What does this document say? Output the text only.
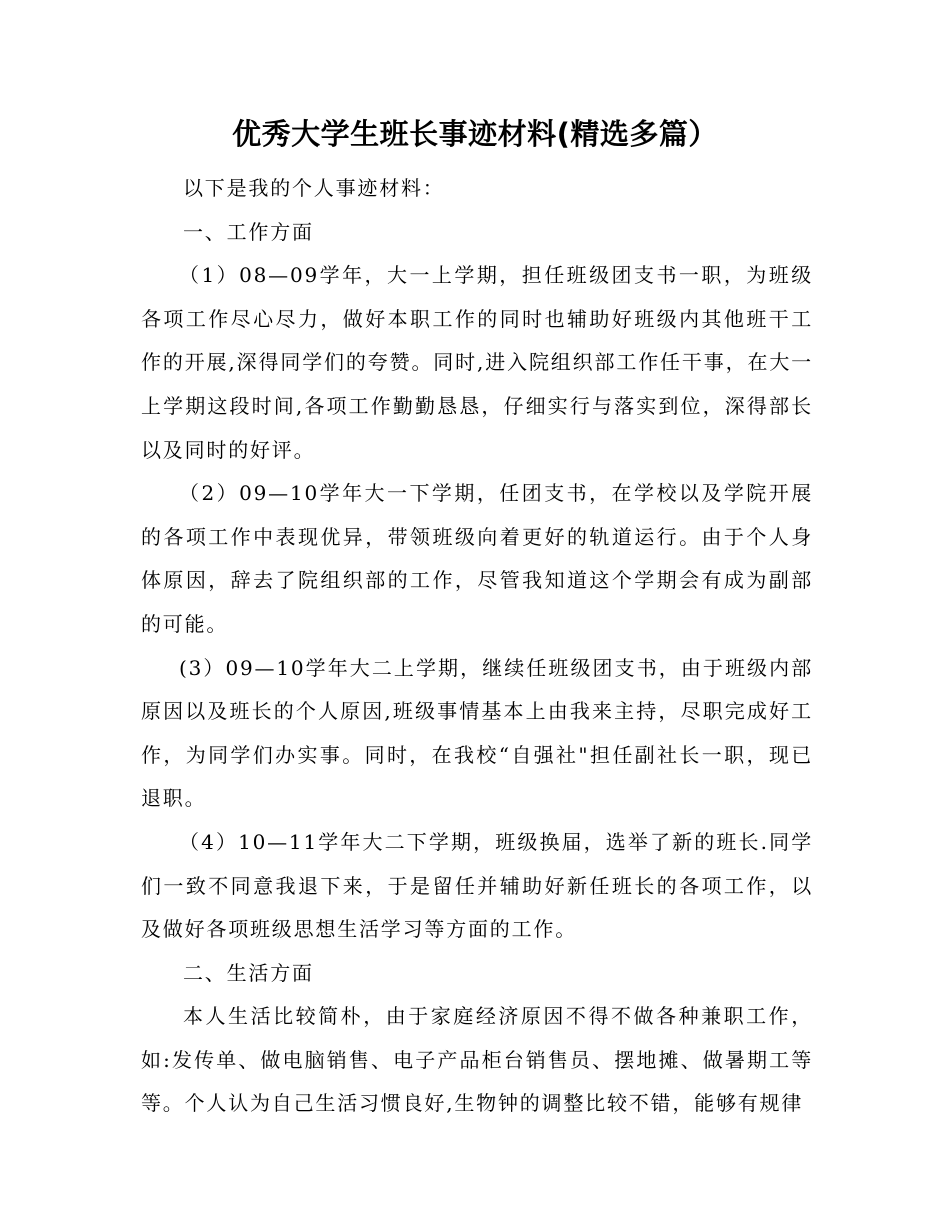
优秀大学生班长事迹材料(精选多篇）

以下是我的个人事迹材料：

一、工作方面

（1）08—09学年，大一上学期，担任班级团支书一职，为班级各项工作尽心尽力，做好本职工作的同时也辅助好班级内其他班干工作的开展,深得同学们的夸赞。同时,进入院组织部工作任干事，在大一上学期这段时间,各项工作勤勤恳恳，仔细实行与落实到位，深得部长以及同时的好评。

（2）09—10学年大一下学期，任团支书，在学校以及学院开展的各项工作中表现优异，带领班级向着更好的轨道运行。由于个人身体原因，辞去了院组织部的工作，尽管我知道这个学期会有成为副部的可能。

(3）09—10学年大二上学期，继续任班级团支书，由于班级内部原因以及班长的个人原因,班级事情基本上由我来主持，尽职完成好工作，为同学们办实事。同时，在我校“自强社"担任副社长一职，现已退职。

（4）10—11学年大二下学期，班级换届，选举了新的班长.同学们一致不同意我退下来，于是留任并辅助好新任班长的各项工作，以及做好各项班级思想生活学习等方面的工作。

二、生活方面

本人生活比较简朴，由于家庭经济原因不得不做各种兼职工作，如:发传单、做电脑销售、电子产品柜台销售员、摆地摊、做暑期工等等。个人认为自己生活习惯良好,生物钟的调整比较不错，能够有规律
